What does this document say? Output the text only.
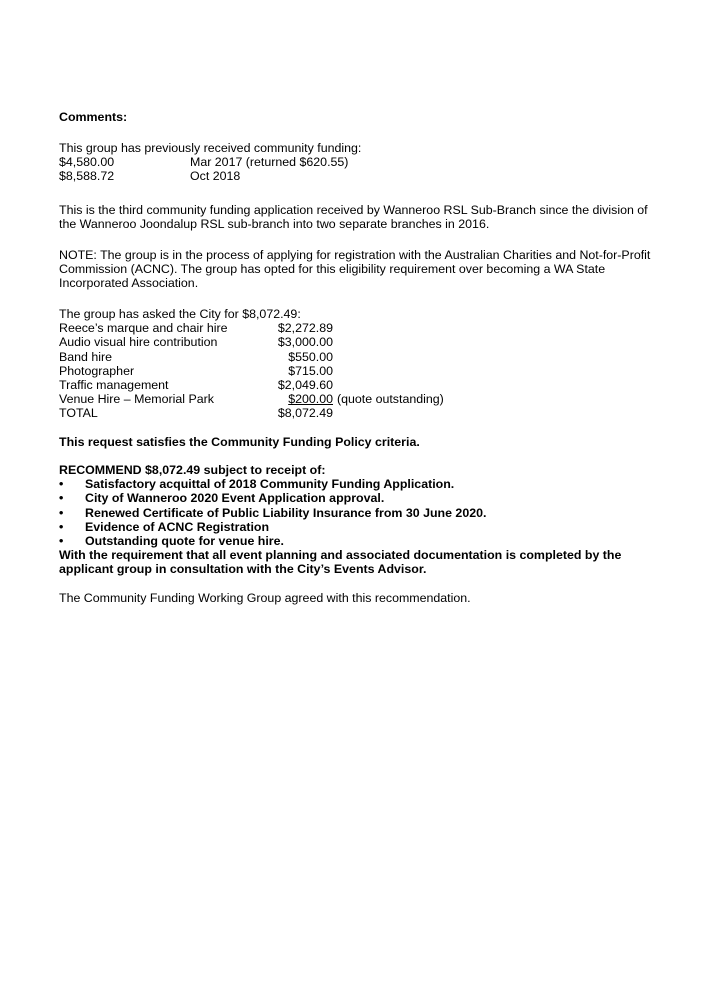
Comments:
This group has previously received community funding:
$4,580.00	Mar 2017 (returned $620.55)
$8,588.72	Oct 2018

This is the third community funding application received by Wanneroo RSL Sub-Branch since the division of the Wanneroo Joondalup RSL sub-branch into two separate branches in 2016.

NOTE: The group is in the process of applying for registration with the Australian Charities and Not-for-Profit Commission (ACNC). The group has opted for this eligibility requirement over becoming a WA State Incorporated Association.

The group has asked the City for $8,072.49:
Reece’s marque and chair hire	$2,272.89
Audio visual hire contribution	$3,000.00
Band hire	$550.00
Photographer	$715.00
Traffic management	$2,049.60
Venue Hire – Memorial Park	$200.00 (quote outstanding)
TOTAL	$8,072.49
This request satisfies the Community Funding Policy criteria.
RECOMMEND $8,072.49 subject to receipt of:
•	Satisfactory acquittal of 2018 Community Funding Application.
•	City of Wanneroo 2020 Event Application approval.
•	Renewed Certificate of Public Liability Insurance from 30 June 2020.
•	Evidence of ACNC Registration
•	Outstanding quote for venue hire.

With the requirement that all event planning and associated documentation is completed by the applicant group in consultation with the City’s Events Advisor.

The Community Funding Working Group agreed with this recommendation.
